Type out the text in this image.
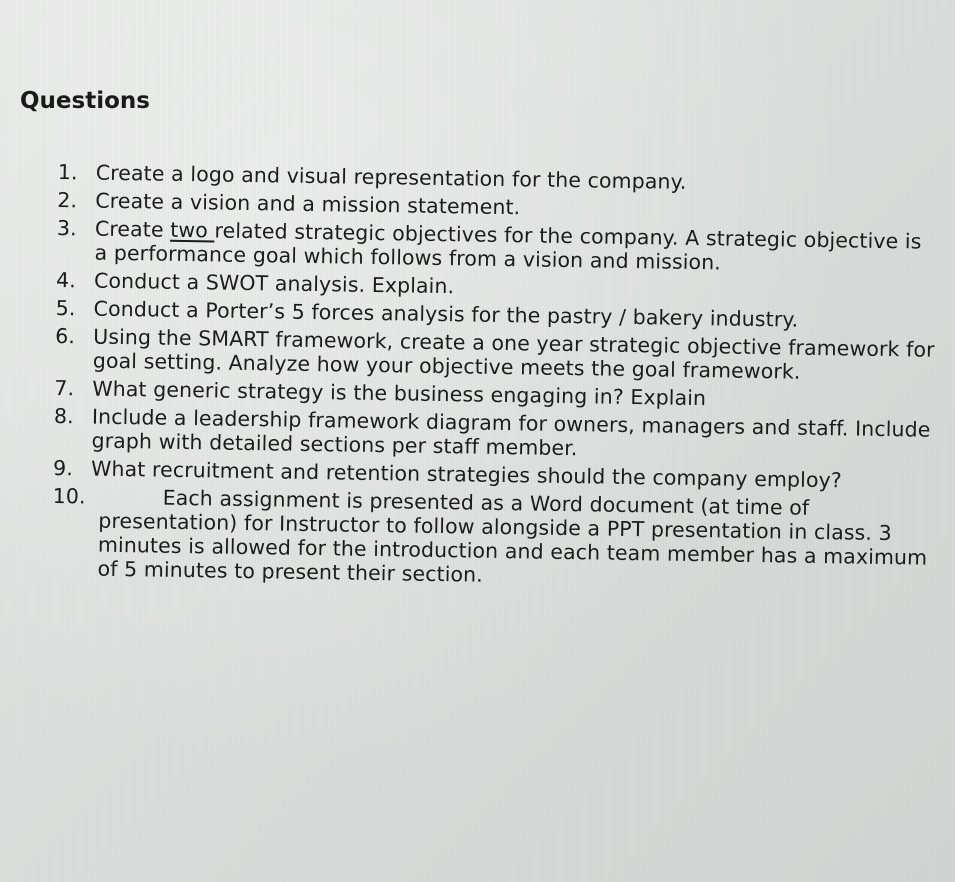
Questions
1. Create a logo and visual representation for the company.
2. Create a vision and a mission statement.
3. Create two related strategic objectives for the company. A strategic objective is a performance goal which follows from a vision and mission.
4. Conduct a SWOT analysis. Explain.
5. Conduct a Porter’s 5 forces analysis for the pastry / bakery industry.
6. Using the SMART framework, create a one year strategic objective framework for goal setting. Analyze how your objective meets the goal framework.
7. What generic strategy is the business engaging in? Explain
8. Include a leadership framework diagram for owners, managers and staff. Include graph with detailed sections per staff member.
9. What recruitment and retention strategies should the company employ?
10.	Each assignment is presented as a Word document (at time of presentation) for Instructor to follow alongside a PPT presentation in class. 3 minutes is allowed for the introduction and each team member has a maximum of 5 minutes to present their section.
